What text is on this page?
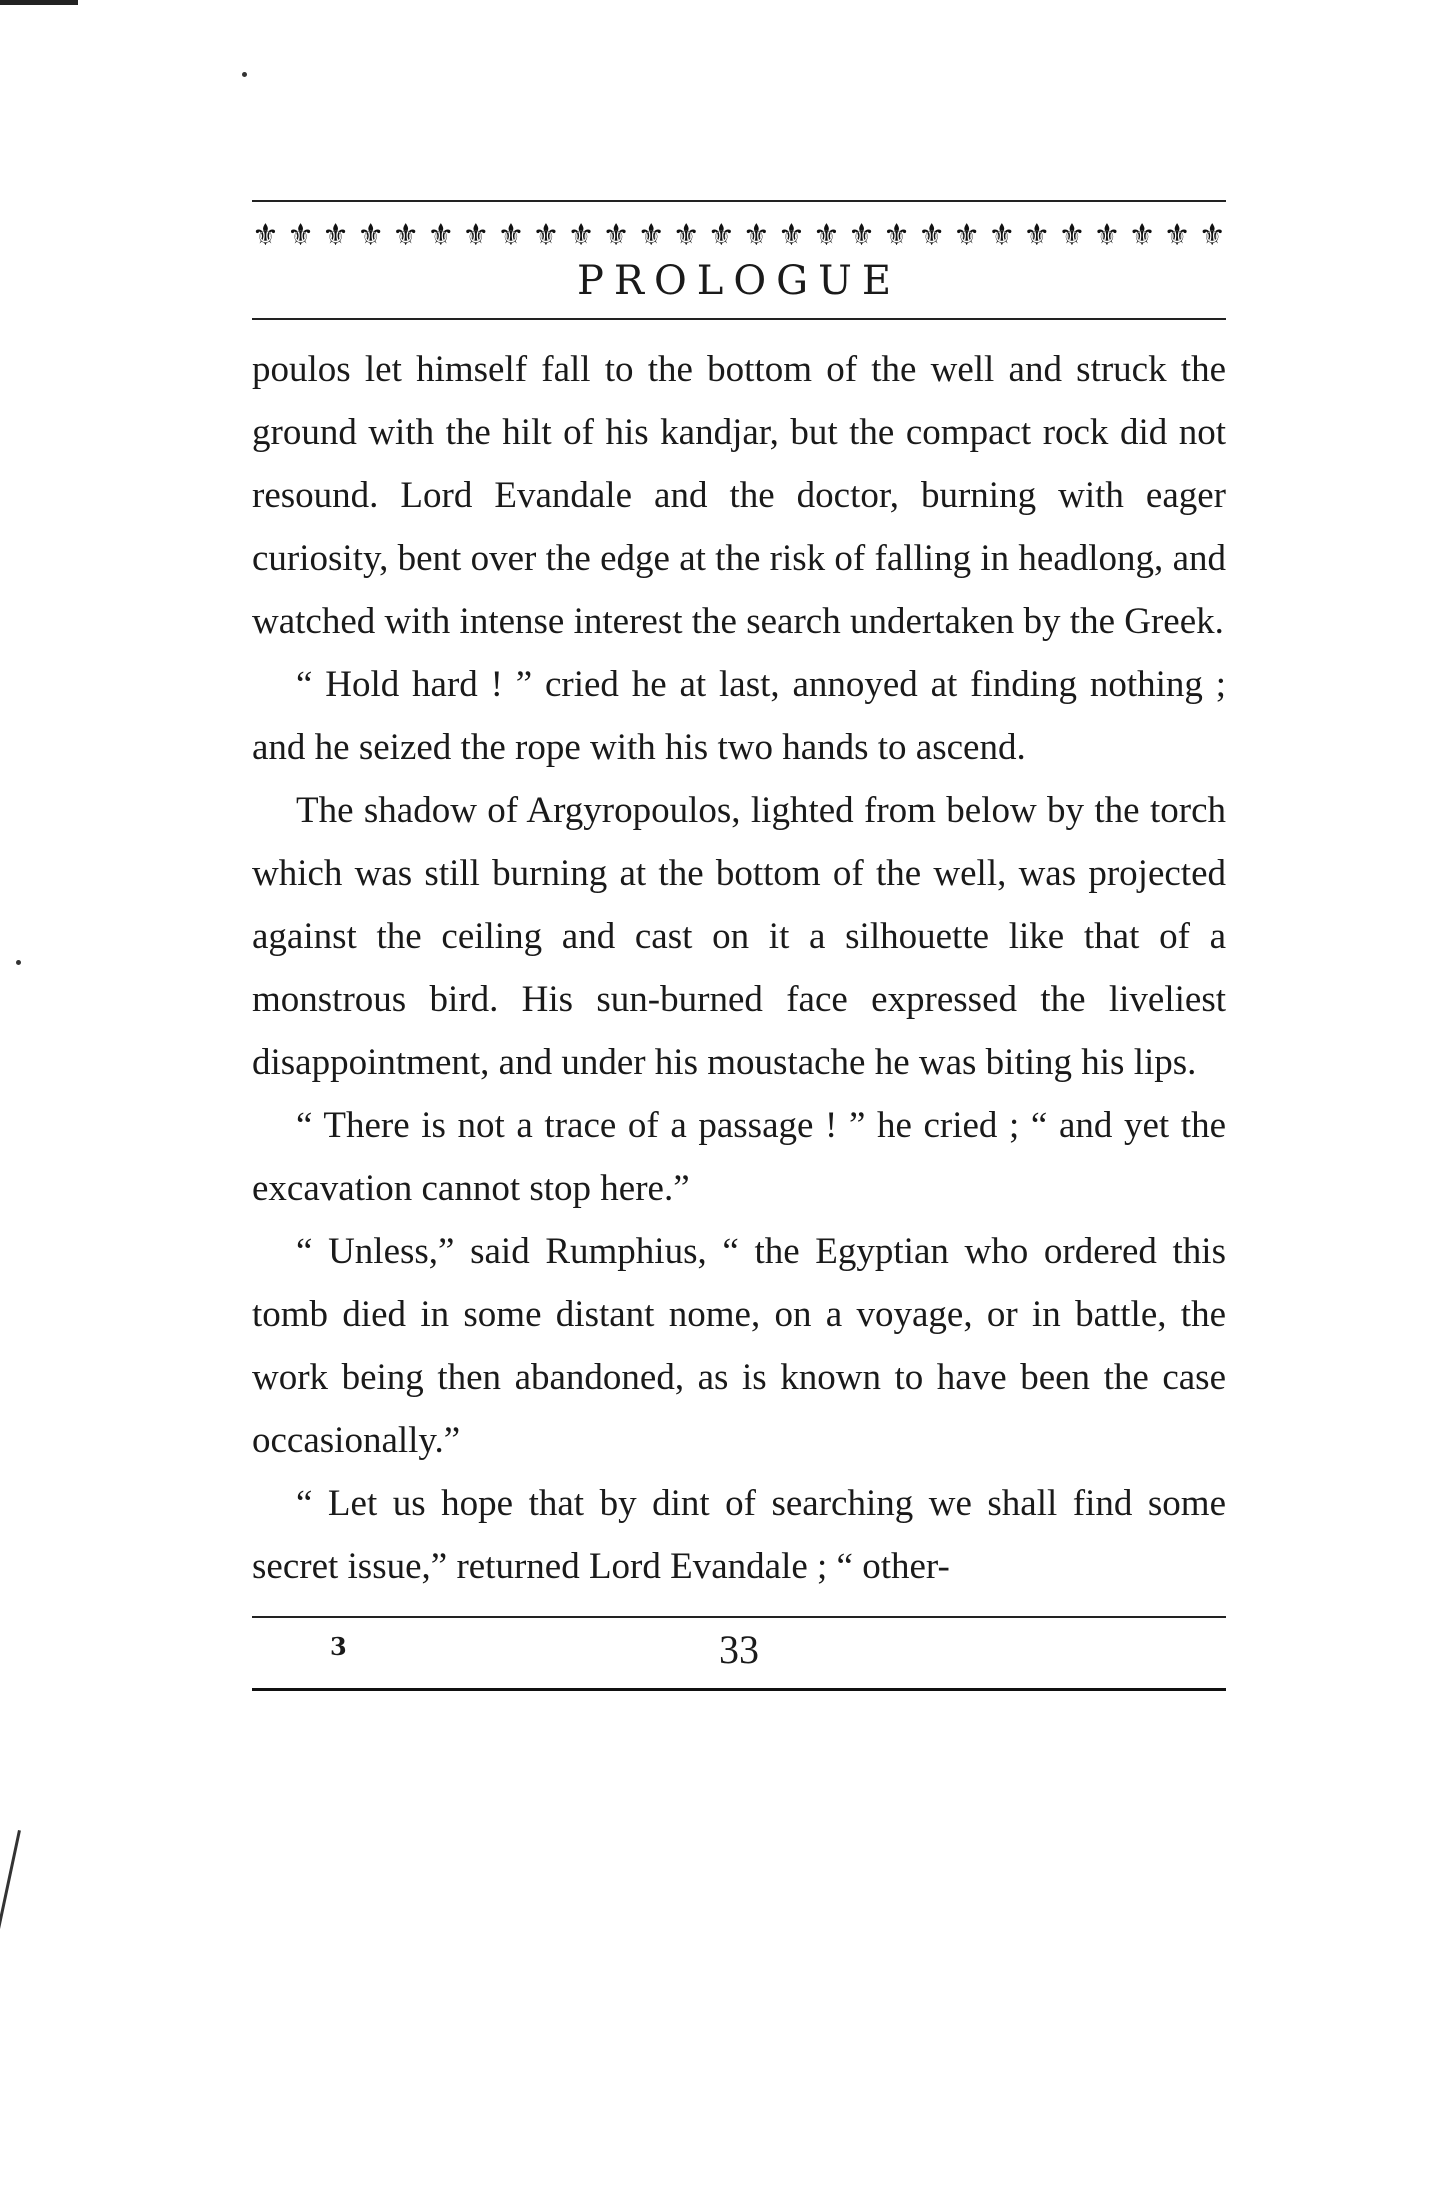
⚜ ⚜ ⚜ ⚜ ⚜ ⚜ ⚜ ⚜ ⚜ ⚜ ⚜ ⚜ ⚜ ⚜ ⚜ ⚜ ⚜ ⚜ ⚜ ⚜ ⚜ ⚜ ⚜ ⚜ ⚜ ⚜ ⚜ ⚜
PROLOGUE

poulos let himself fall to the bottom of the well and struck the ground with the hilt of his kandjar, but the compact rock did not resound. Lord Evandale and the doctor, burning with eager curiosity, bent over the edge at the risk of falling in headlong, and watched with intense interest the search undertaken by the Greek.

“ Hold hard ! ” cried he at last, annoyed at finding nothing ; and he seized the rope with his two hands to ascend.

The shadow of Argyropoulos, lighted from below by the torch which was still burning at the bottom of the well, was projected against the ceiling and cast on it a silhouette like that of a monstrous bird. His sun-burned face expressed the liveliest disappointment, and under his moustache he was biting his lips.

“ There is not a trace of a passage ! ” he cried ; “ and yet the excavation cannot stop here.”

“ Unless,” said Rumphius, “ the Egyptian who ordered this tomb died in some distant nome, on a voyage, or in battle, the work being then abandoned, as is known to have been the case occasionally.”

“ Let us hope that by dint of searching we shall find some secret issue,” returned Lord Evandale ; “ other-

3	33
